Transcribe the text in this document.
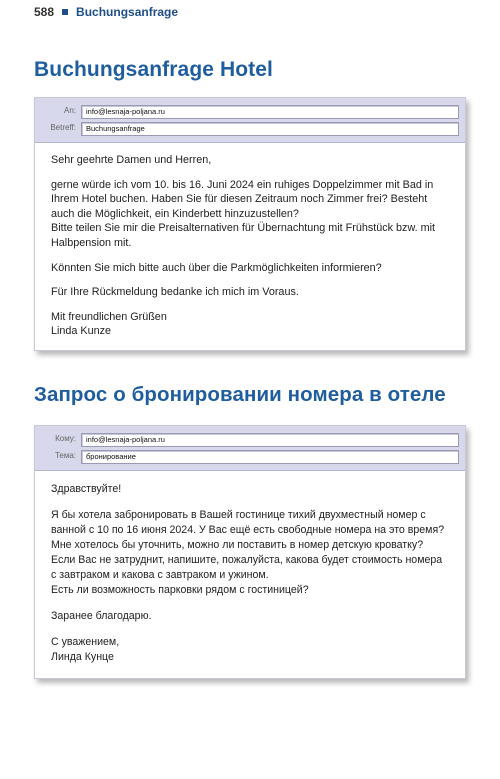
588 Buchungsanfrage
Buchungsanfrage Hotel
An:	info@lesnaja-poljana.ru
Betreff:	Buchungsanfrage

Sehr geehrte Damen und Herren,

gerne würde ich vom 10. bis 16. Juni 2024 ein ruhiges Doppelzimmer mit Bad in Ihrem Hotel buchen. Haben Sie für diesen Zeitraum noch Zimmer frei? Besteht auch die Möglichkeit, ein Kinderbett hinzuzustellen?
Bitte teilen Sie mir die Preisalternativen für Übernachtung mit Frühstück bzw. mit Halbpension mit.

Könnten Sie mich bitte auch über die Parkmöglichkeiten informieren?

Für Ihre Rückmeldung bedanke ich mich im Voraus.

Mit freundlichen Grüßen
Linda Kunze

Запрос о бронировании номера в отеле
Кому:	info@lesnaja-poljana.ru
Тема:	бронирование

Здравствуйте!

Я бы хотела забронировать в Вашей гостинице тихий двухместный номер с ванной с 10 по 16 июня 2024. У Вас ещё есть свободные номера на это время? Мне хотелось бы уточнить, можно ли поставить в номер детскую кроватку? Если Вас не затруднит, напишите, пожалуйста, какова будет стоимость номера с завтраком и какова с завтраком и ужином.
Есть ли возможность парковки рядом с гостиницей?

Заранее благодарю.

С уважением,
Линда Кунце
